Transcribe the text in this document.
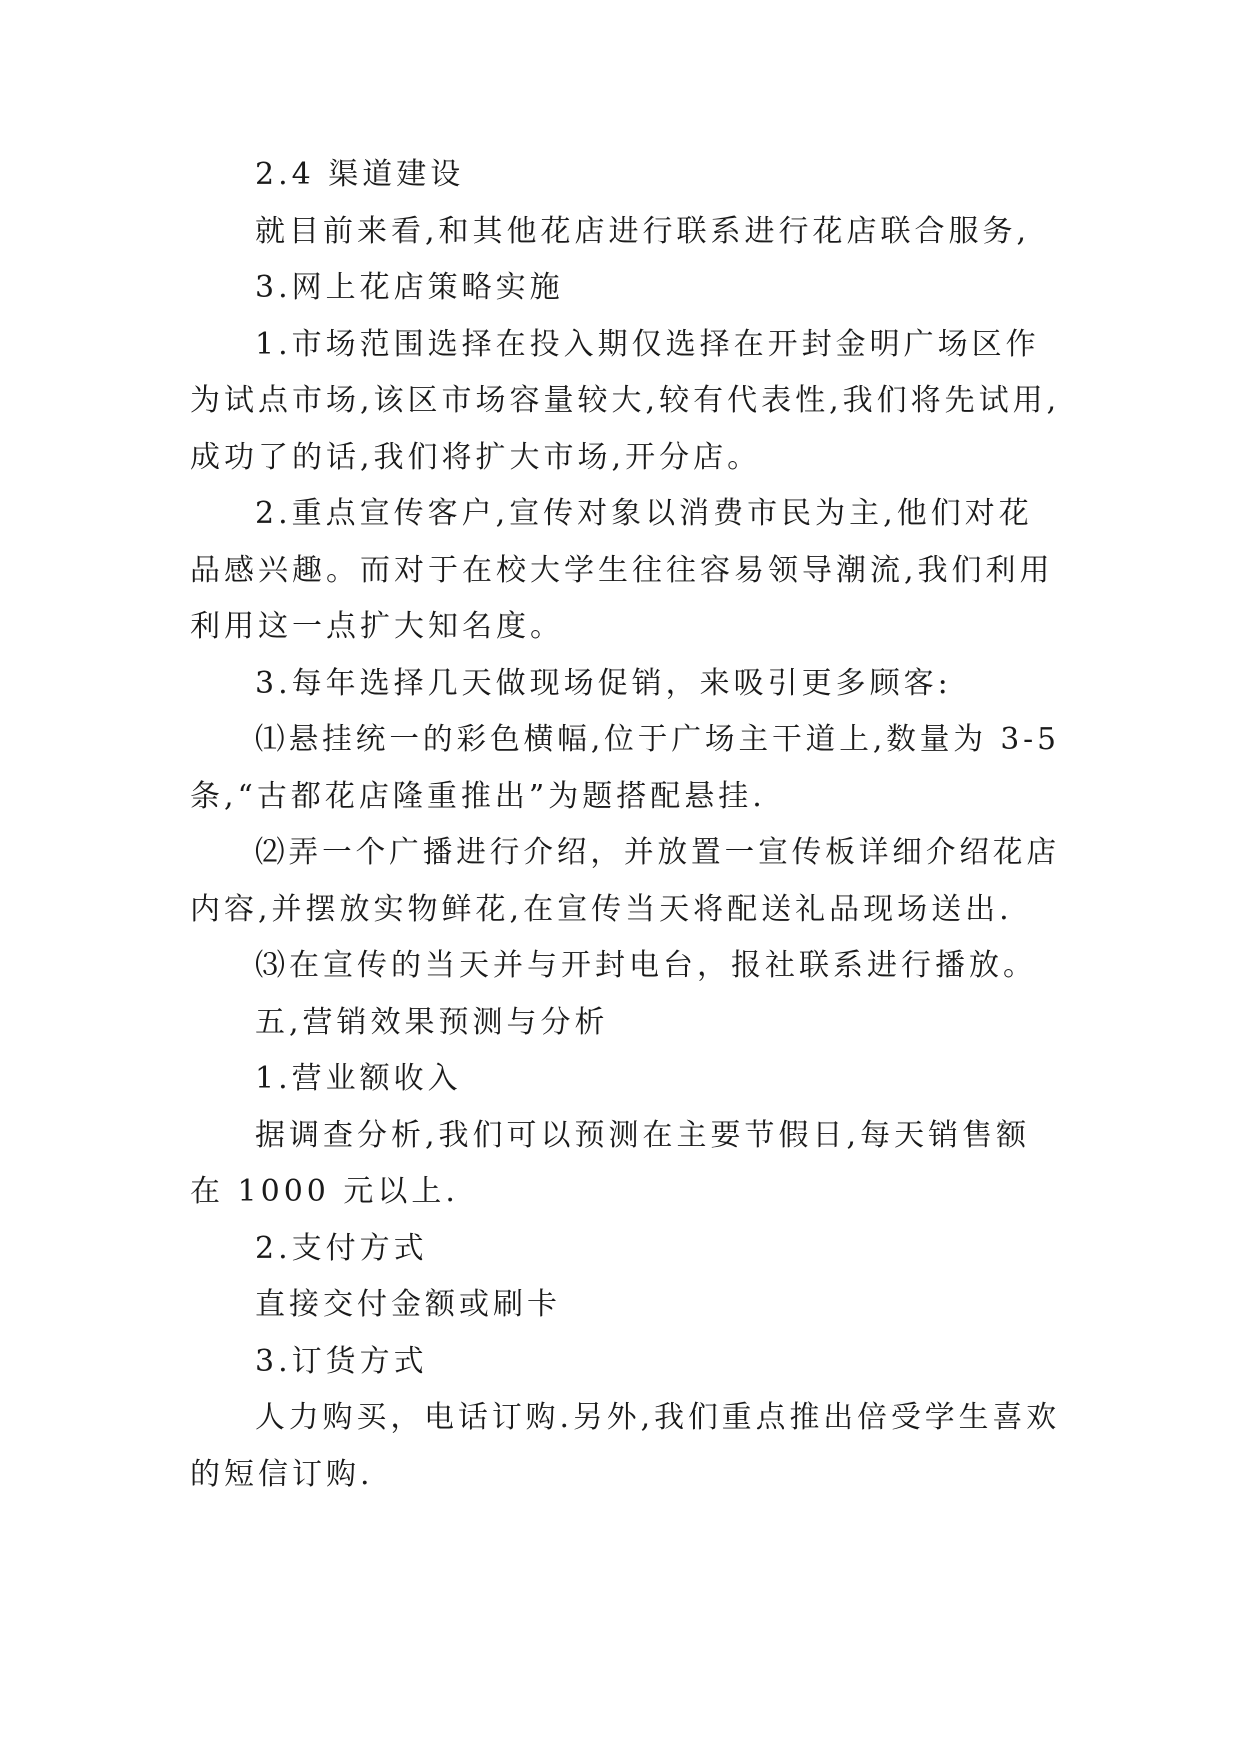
2.4 渠道建设
就目前来看,和其他花店进行联系进行花店联合服务,
3.网上花店策略实施
1.市场范围选择在投入期仅选择在开封金明广场区作
为试点市场,该区市场容量较大,较有代表性,我们将先试用,
成功了的话,我们将扩大市场,开分店。
2.重点宣传客户,宣传对象以消费市民为主,他们对花
品感兴趣。而对于在校大学生往往容易领导潮流,我们利用
利用这一点扩大知名度。
3.每年选择几天做现场促销，来吸引更多顾客:
⑴悬挂统一的彩色横幅,位于广场主干道上,数量为 3-5
条,“古都花店隆重推出”为题搭配悬挂.
⑵弄一个广播进行介绍，并放置一宣传板详细介绍花店
内容,并摆放实物鲜花,在宣传当天将配送礼品现场送出.
⑶在宣传的当天并与开封电台，报社联系进行播放。
五,营销效果预测与分析
1.营业额收入
据调查分析,我们可以预测在主要节假日,每天销售额
在 1000 元以上.
2.支付方式
直接交付金额或刷卡
3.订货方式
人力购买，电话订购.另外,我们重点推出倍受学生喜欢
的短信订购.
